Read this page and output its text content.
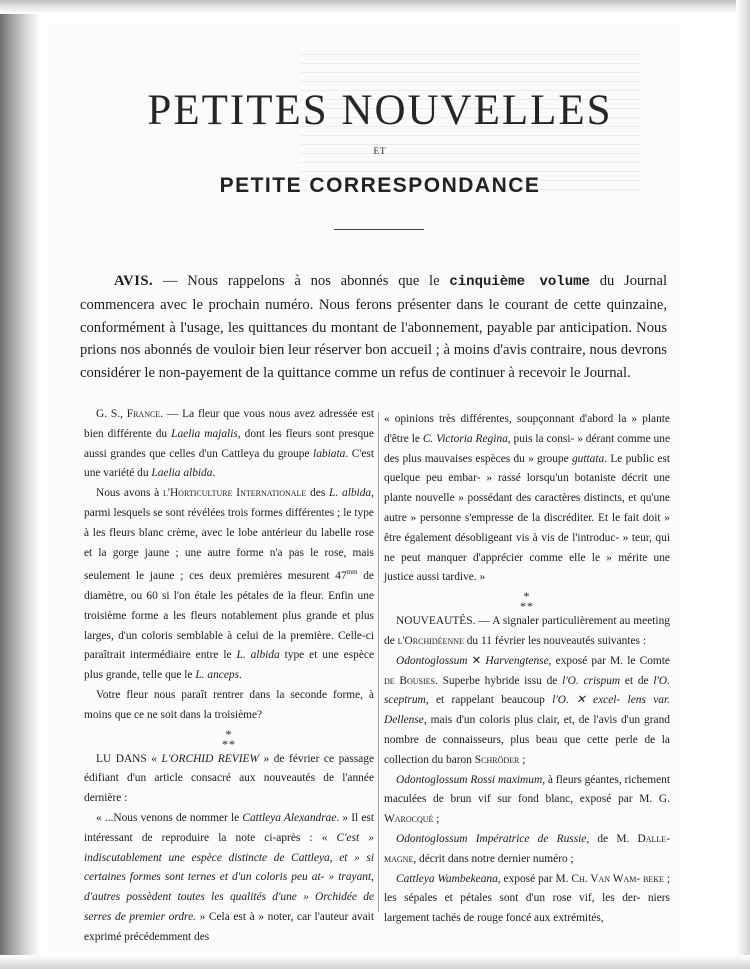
PETITES NOUVELLES
ET
PETITE CORRESPONDANCE

AVIS. — Nous rappelons à nos abonnés que le cinquième volume du Journal commencera avec le prochain numéro. Nous ferons présenter dans le courant de cette quinzaine, conformément à l'usage, les quittances du montant de l'abonnement, payable par anticipation. Nous prions nos abonnés de vouloir bien leur réserver bon accueil ; à moins d'avis contraire, nous devrons considérer le non-payement de la quittance comme un refus de continuer à recevoir le Journal.

G. S., France. — La fleur que vous nous avez adressée est bien différente du Laelia majalis, dont les fleurs sont presque aussi grandes que celles d'un Cattleya du groupe labiata. C'est une variété du Laelia albida.

Nous avons à l'Horticulture Internationale des L. albida, parmi lesquels se sont révélées trois formes différentes ; le type à les fleurs blanc crème, avec le lobe antérieur du labelle rose et la gorge jaune ; une autre forme n'a pas le rose, mais seulement le jaune ; ces deux premières mesurent $47^{mm}$ de diamètre, ou 60 si l'on étale les pétales de la fleur. Enfin une troisième forme a les fleurs notablement plus grande et plus larges, d'un coloris semblable à celui de la première. Celle-ci paraîtrait intermédiaire entre le L. albida type et une espèce plus grande, telle que le L. anceps.

Votre fleur nous paraît rentrer dans la seconde forme, à moins que ce ne soit dans la troisième?

*
**

LU DANS « L'ORCHID REVIEW » de février ce passage édifiant d'un article consacré aux nouveautés de l'année dernière :

« ...Nous venons de nommer le Cattleya Alexandrae. » Il est intéressant de reproduire la note ci-après : « C'est » indiscutablement une espèce distincte de Cattleya, et » si certaines formes sont ternes et d'un coloris peu at- » trayant, d'autres possèdent toutes les qualités d'une » Orchidée de serres de premier ordre. » Cela est à » noter, car l'auteur avait exprimé précédemment des

« opinions très différentes, soupçonnant d'abord la » plante d'être le C. Victoria Regina, puis la consi- » dérant comme une des plus mauvaises espèces du » groupe guttata. Le public est quelque peu embar- » rassé lorsqu'un botaniste décrit une plante nouvelle » possédant des caractères distincts, et qu'une autre » personne s'empresse de la discréditer. Et le fait doit » être également désobligeant vis à vis de l'introduc- » teur, qui ne peut manquer d'apprécier comme elle le » mérite une justice aussi tardive. »

*
**

NOUVEAUTÉS. — A signaler particulièrement au meeting de l'Orchidéenne du 11 février les nouveautés suivantes :

Odontoglossum ✕ Harvengtense, exposé par M. le Comte de Bousies. Superbe hybride issu de l'O. crispum et de l'O. sceptrum, et rappelant beaucoup l'O. ✕ excel- lens var. Dellense, mais d'un coloris plus clair, et, de l'avis d'un grand nombre de connaisseurs, plus beau que cette perle de la collection du baron Schröder ;

Odontoglossum Rossi maximum, à fleurs géantes, richement maculées de brun vif sur fond blanc, exposé par M. G. Warocqué ;

Odontoglossum Impératrice de Russie, de M. Dalle- magne, décrit dans notre dernier numéro ;

Cattleya Wambekeana, exposé par M. Ch. Van Wam- beke ; les sépales et pétales sont d'un rose vif, les der- niers largement tachés de rouge foncé aux extrémités,
